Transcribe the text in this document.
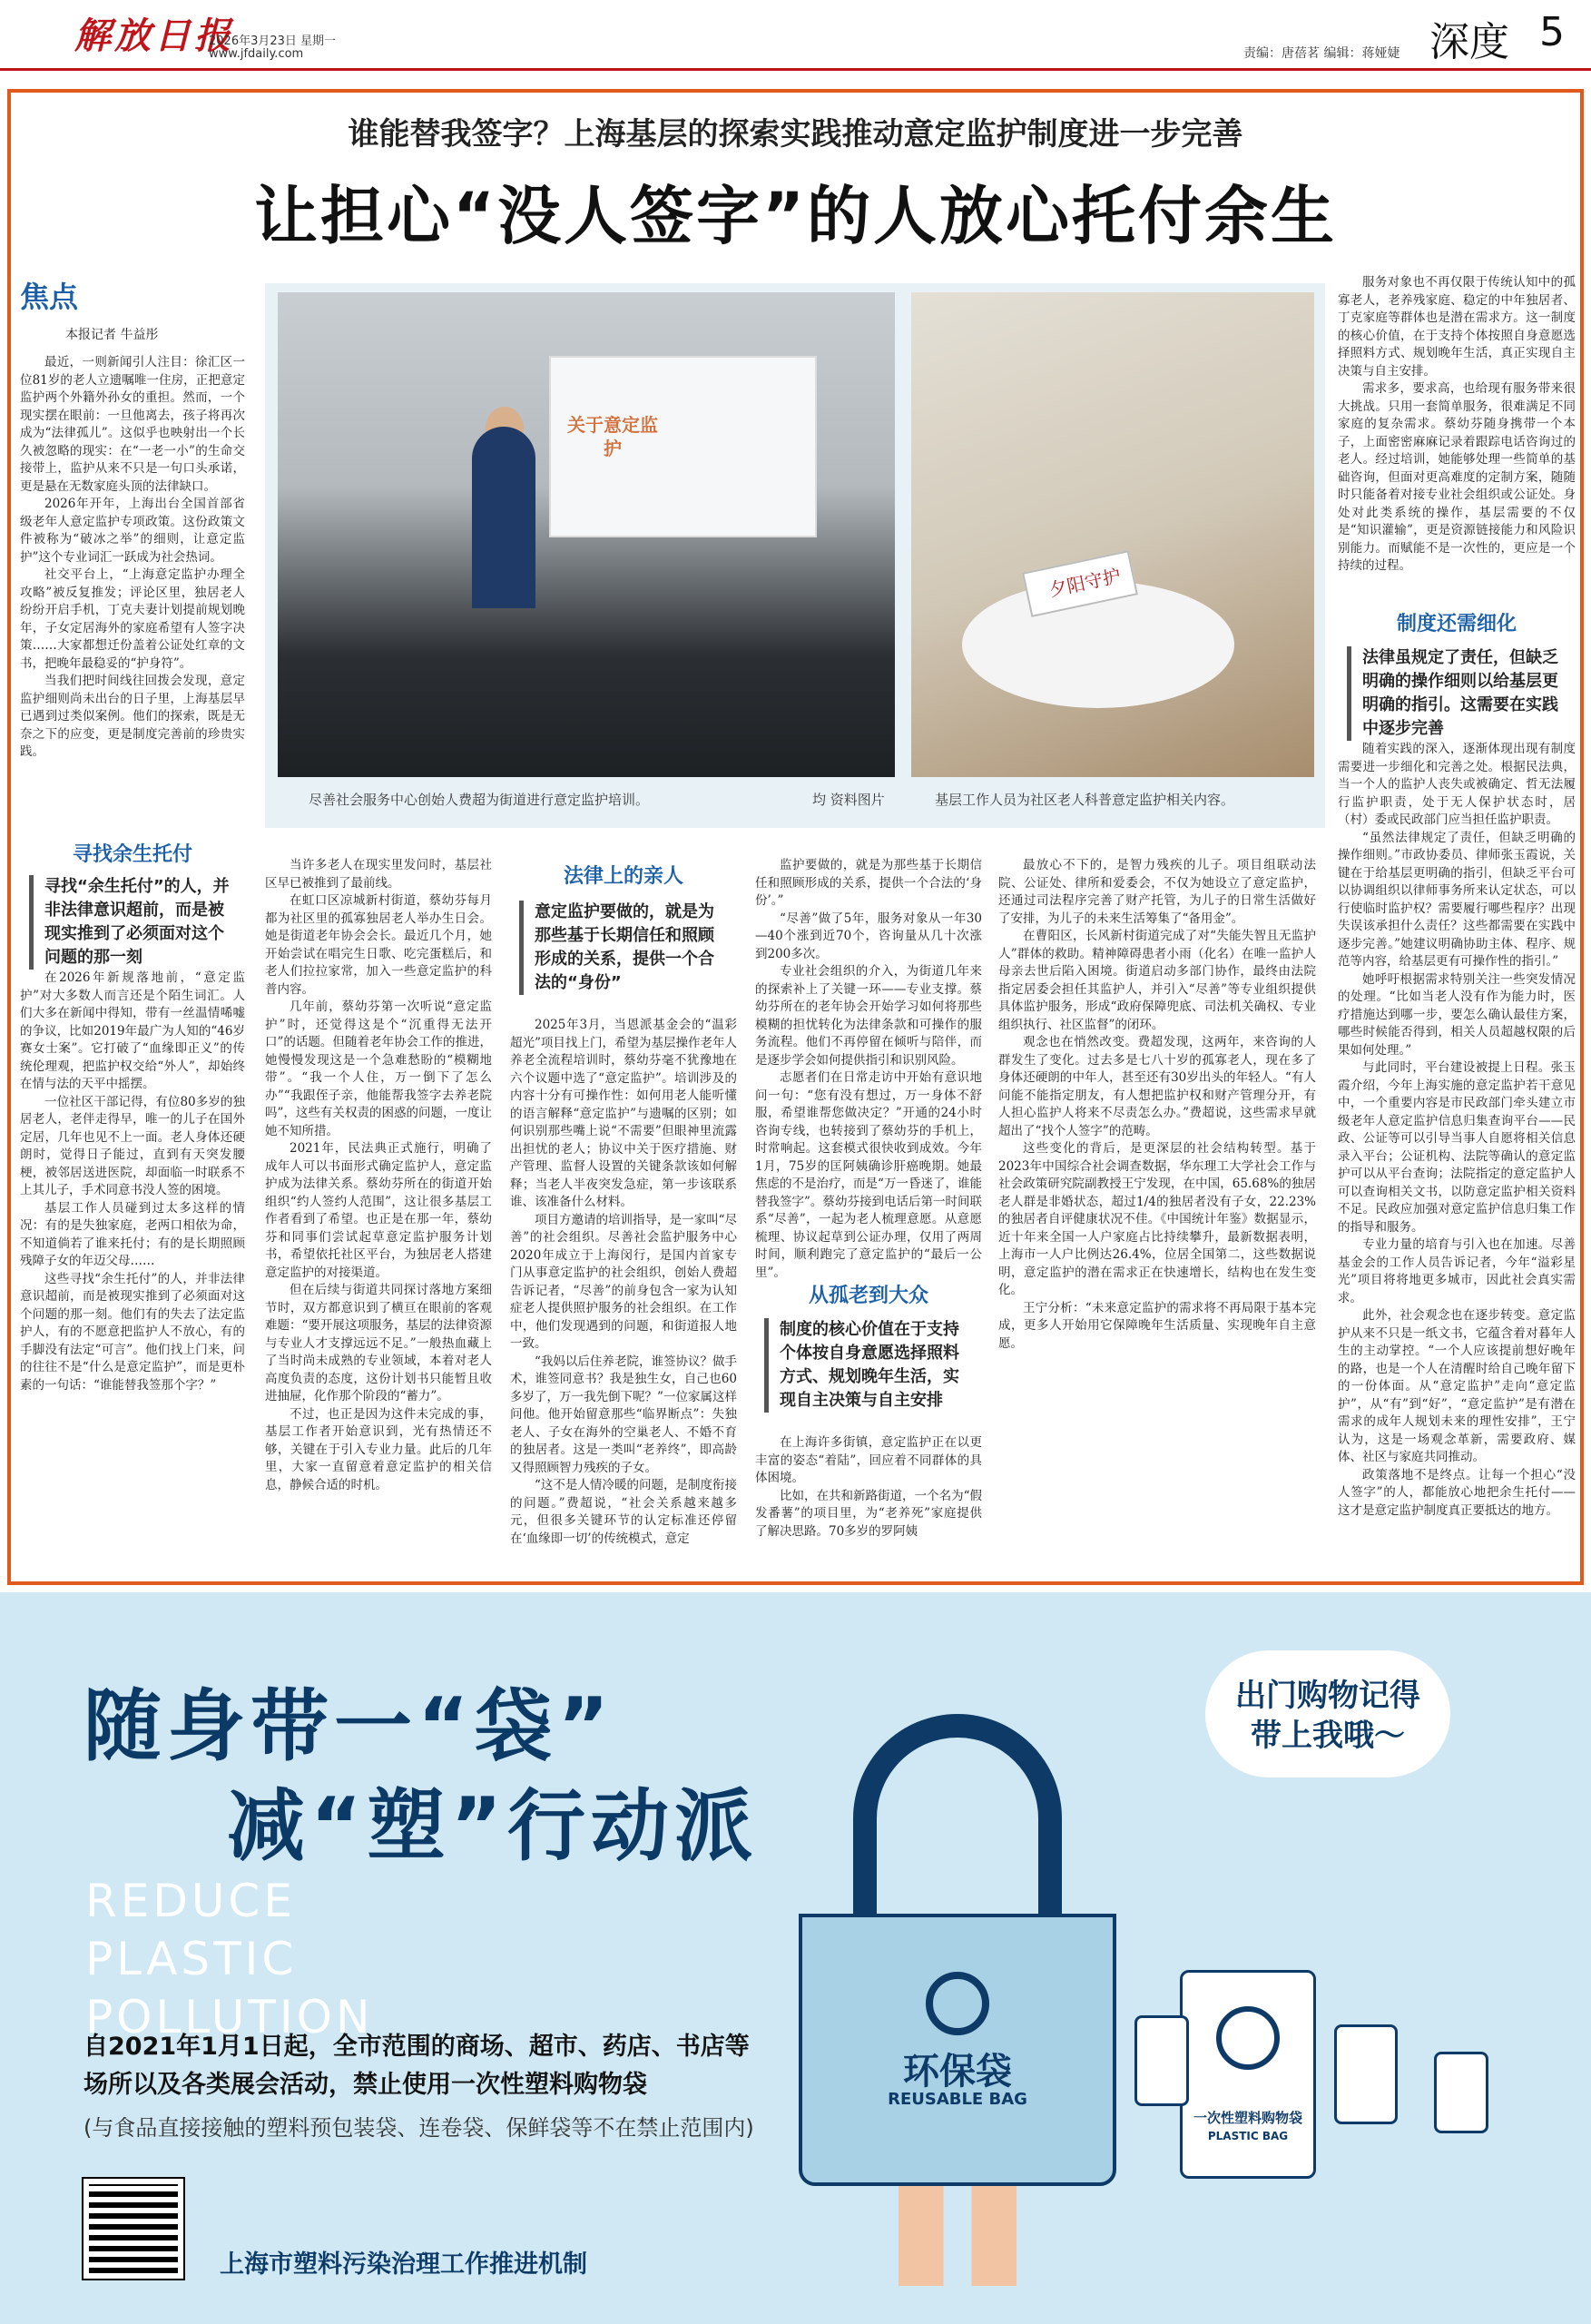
解放日报
2026年3月23日 星期一
www.jfdaily.com	责编：唐蓓茗 编辑：蒋娅婕 深度 5
谁能替我签字？上海基层的探索实践推动意定监护制度进一步完善
让担心“没人签字”的人放心托付余生
关于意定监护
夕阳守护
尽善社会服务中心创始人费超为街道进行意定监护培训。	均 资料图片	基层工作人员为社区老人科普意定监护相关内容。
焦点
本报记者 牛益彤

最近，一则新闻引人注目：徐汇区一位81岁的老人立遗嘱唯一住房，正把意定监护两个外籍外孙女的重担。然而，一个现实摆在眼前：一旦他离去，孩子将再次成为“法律孤儿”。这似乎也映射出一个长久被忽略的现实：在“一老一小”的生命交接带上，监护从来不只是一句口头承诺，更是悬在无数家庭头顶的法律缺口。

2026年开年，上海出台全国首部省级老年人意定监护专项政策。这份政策文件被称为“破冰之举”的细则，让意定监护”这个专业词汇一跃成为社会热词。

社交平台上，“上海意定监护办理全攻略”被反复推发；评论区里，独居老人纷纷开启手机，丁克夫妻计划提前规划晚年，子女定居海外的家庭希望有人签字决策……大家都想迁份盖着公证处红章的文书，把晚年最稳妥的“护身符”。

当我们把时间线往回拨会发现，意定监护细则尚未出台的日子里，上海基层早已遇到过类似案例。他们的探索，既是无奈之下的应变，更是制度完善前的珍贵实践。

寻找余生托付
寻找“余生托付”的人，并非法律意识超前，而是被现实推到了必须面对这个问题的那一刻

在2026年新规落地前，“意定监护”对大多数人而言还是个陌生词汇。人们大多在新闻中得知，带有一丝温情唏嘘的争议，比如2019年最广为人知的“46岁赛女士案”。它打破了“血缘即正义”的传统伦理观，把监护权交给“外人”，却始终在情与法的天平中摇摆。

一位社区干部记得，有位80多岁的独居老人，老伴走得早，唯一的儿子在国外定居，几年也见不上一面。老人身体还硬朗时，觉得日子能过，直到有天突发腰梗，被邻居送进医院，却面临一时联系不上其儿子，手术同意书没人签的困境。

基层工作人员碰到过太多这样的情况：有的是失独家庭，老两口相依为命，不知道倘若了谁来托付；有的是长期照顾残障子女的年迈父母……

这些寻找“余生托付”的人，并非法律意识超前，而是被现实推到了必须面对这个问题的那一刻。他们有的失去了法定监护人，有的不愿意把监护人不放心，有的手脚没有法定“可言”。他们找上门来，问的往往不是“什么是意定监护”，而是更朴素的一句话：“谁能替我签那个字？”

当许多老人在现实里发问时，基层社区早已被推到了最前线。

在虹口区凉城新村街道，蔡幼芬每月都为社区里的孤寡独居老人举办生日会。她是街道老年协会会长。最近几个月，她开始尝试在唱完生日歌、吃完蛋糕后，和老人们拉拉家常，加入一些意定监护的科普内容。

几年前，蔡幼芬第一次听说“意定监护”时，还觉得这是个“沉重得无法开口”的话题。但随着老年协会工作的推进，她慢慢发现这是一个急难愁盼的“模糊地带”。“我一个人住，万一倒下了怎么办”“我跟侄子亲，他能帮我签字去养老院吗”，这些有关权责的困惑的问题，一度让她不知所措。

2021年，民法典正式施行，明确了成年人可以书面形式确定监护人，意定监护成为法律关系。蔡幼芬所在的街道开始组织“约人签约人范围”，这让很多基层工作者看到了希望。也正是在那一年，蔡幼芬和同事们尝试起草意定监护服务计划书，希望依托社区平台，为独居老人搭建意定监护的对接渠道。

但在后续与街道共同探讨落地方案细节时，双方都意识到了横亘在眼前的客观难题：“要开展这项服务，基层的法律资源与专业人才支撑远远不足。”一般热血藏上了当时尚未成熟的专业领域，本着对老人高度负责的态度，这份计划书只能暂且收进抽屉，化作那个阶段的“蓄力”。

不过，也正是因为这件未完成的事，基层工作者开始意识到，光有热情还不够，关键在于引入专业力量。此后的几年里，大家一直留意着意定监护的相关信息，静候合适的时机。

法律上的亲人
意定监护要做的，就是为那些基于长期信任和照顾形成的关系，提供一个合法的“身份”

2025年3月，当恩派基金会的“温彩超光”项目找上门，希望为基层操作老年人养老全流程培训时，蔡幼芬毫不犹豫地在六个议题中选了“意定监护”。培训涉及的内容十分有可操作性：如何用老人能听懂的语言解释“意定监护”与遗嘱的区别；如何识别那些嘴上说“不需要”但眼神里流露出担忧的老人；协议中关于医疗措施、财产管理、监督人设置的关键条款该如何解释；当老人半夜突发急症，第一步该联系谁、该准备什么材料。

项目方邀请的培训指导，是一家叫“尽善”的社会组织。尽善社会监护服务中心2020年成立于上海闵行，是国内首家专门从事意定监护的社会组织，创始人费超告诉记者，“尽善”的前身包含一家为认知症老人提供照护服务的社会组织。在工作中，他们发现遇到的问题，和街道报人地一致。

“我妈以后住养老院，谁签协议？做手术，谁签同意书？我是独生女，自己也60多岁了，万一我先倒下呢？”一位家属这样问他。他开始留意那些“临界断点”：失独老人、子女在海外的空巢老人、不婚不育的独居者。这是一类叫“老养终”，即高龄又得照顾智力残疾的子女。

“这不是人情冷暖的问题，是制度衔接的问题。”费超说，“社会关系越来越多元，但很多关键环节的认定标准还停留在‘血缘即一切’的传统模式，意定

监护要做的，就是为那些基于长期信任和照顾形成的关系，提供一个合法的‘身份’。”

“尽善”做了5年，服务对象从一年30—40个涨到近70个，咨询量从几十次涨到200多次。

专业社会组织的介入，为街道几年来的探索补上了关键一环——专业支撑。蔡幼芬所在的老年协会开始学习如何将那些模糊的担忧转化为法律条款和可操作的服务流程。他们不再停留在倾听与陪伴，而是逐步学会如何提供指引和识别风险。

志愿者们在日常走访中开始有意识地问一句：“您有没有想过，万一身体不舒服，希望谁帮您做决定？”开通的24小时咨询专线，也转接到了蔡幼芬的手机上，时常响起。这套模式很快收到成效。今年1月，75岁的匡阿姨确诊肝癌晚期。她最焦虑的不是治疗，而是“万一昏迷了，谁能替我签字”。蔡幼芬接到电话后第一时间联系“尽善”，一起为老人梳理意愿。从意愿梳理、协议起草到公证办理，仅用了两周时间，顺利跑完了意定监护的“最后一公里”。

从孤老到大众
制度的核心价值在于支持个体按自身意愿选择照料方式、规划晚年生活，实现自主决策与自主安排

在上海许多街镇，意定监护正在以更丰富的姿态“着陆”，回应着不同群体的具体困境。

比如，在共和新路街道，一个名为“假发番薯”的项目里，为“老养死”家庭提供了解决思路。70多岁的罗阿姨

最放心不下的，是智力残疾的儿子。项目组联动法院、公证处、律所和爱委会，不仅为她设立了意定监护，还通过司法程序完善了财产托管，为儿子的日常生活做好了安排，为儿子的未来生活筹集了“备用金”。

在曹阳区，长风新村街道完成了对“失能失智且无监护人”群体的救助。精神障碍患者小雨（化名）在唯一监护人母亲去世后陷入困境。街道启动多部门协作，最终由法院指定居委会担任其监护人，并引入“尽善”等专业组织提供具体监护服务，形成“政府保障兜底、司法机关确权、专业组织执行、社区监督”的闭环。

观念也在悄然改变。费超发现，这两年，来咨询的人群发生了变化。过去多是七八十岁的孤寡老人，现在多了身体还硬朗的中年人，甚至还有30岁出头的年轻人。“有人问能不能指定朋友，有人想把监护权和财产管理分开，有人担心监护人将来不尽责怎么办。”费超说，这些需求早就超出了“找个人签字”的范畴。

这些变化的背后，是更深层的社会结构转型。基于2023年中国综合社会调查数据，华东理工大学社会工作与社会政策研究院副教授王宁发现，在中国，65.68%的独居老人群是非婚状态，超过1/4的独居者没有子女，22.23%的独居者自评健康状况不佳。《中国统计年鉴》数据显示，近十年来全国一人户家庭占比持续攀升，最新数据表明，上海市一人户比例达26.4%，位居全国第二，这些数据说明，意定监护的潜在需求正在快速增长，结构也在发生变化。

王宁分析：“未来意定监护的需求将不再局限于基本完成，更多人开始用它保障晚年生活质量、实现晚年自主意愿。

服务对象也不再仅限于传统认知中的孤寡老人，老养残家庭、稳定的中年独居者、丁克家庭等群体也是潜在需求方。这一制度的核心价值，在于支持个体按照自身意愿选择照料方式、规划晚年生活，真正实现自主决策与自主安排。

需求多，要求高，也给现有服务带来很大挑战。只用一套简单服务，很难满足不同家庭的复杂需求。蔡幼芬随身携带一个本子，上面密密麻麻记录着跟踪电话咨询过的老人。经过培训，她能够处理一些简单的基础咨询，但面对更高难度的定制方案，随随时只能备着对接专业社会组织或公证处。身处对此类系统的操作，基层需要的不仅是“知识灌输”，更是资源链接能力和风险识别能力。而赋能不是一次性的，更应是一个持续的过程。

制度还需细化
法律虽规定了责任，但缺乏明确的操作细则以给基层更明确的指引。这需要在实践中逐步完善

随着实践的深入，逐渐体现出现有制度需要进一步细化和完善之处。根据民法典，当一个人的监护人丧失或被确定、哲无法履行监护职责，处于无人保护状态时，居（村）委或民政部门应当担任监护职责。

“虽然法律规定了责任，但缺乏明确的操作细则。”市政协委员、律师张玉霞说，关键在于给基层更明确的指引，但缺乏平台可以协调组织以律师事务所来认定状态，可以行使临时监护权？需要履行哪些程序？出现失误该承担什么责任？这些都需要在实践中逐步完善。”她建议明确协助主体、程序、规范等内容，给基层更有可操作性的指引。”

她呼吁根据需求特别关注一些突发情况的处理。“比如当老人没有作为能力时，医疗措施达到哪一步，要怎么确认最佳方案，哪些时候能否得到，相关人员超越权限的后果如何处理。”

与此同时，平台建设被提上日程。张玉霞介绍，今年上海实施的意定监护若干意见中，一个重要内容是市民政部门牵头建立市级老年人意定监护信息归集查询平台——民政、公证等可以引导当事人自愿将相关信息录入平台；公证机构、法院等确认的意定监护可以从平台查询；法院指定的意定监护人可以查询相关文书，以防意定监护相关资料不足。民政应加强对意定监护信息归集工作的指导和服务。

专业力量的培育与引入也在加速。尽善基金会的工作人员告诉记者，今年“溢彩星光”项目将将地更多城市，因此社会真实需求。

此外，社会观念也在逐步转变。意定监护从来不只是一纸文书，它蕴含着对暮年人生的主动掌控。“一个人应该提前想好晚年的路，也是一个人在清醒时给自己晚年留下的一份体面。从“意定监护”走向“意定监护”，从“有”到“好”，“意定监护”是有潜在需求的成年人规划未来的理性安排”，王宁认为，这是一场观念革新，需要政府、媒体、社区与家庭共同推动。

政策落地不是终点。让每一个担心“没人签字”的人，都能放心地把余生托付——这才是意定监护制度真正要抵达的地方。

随身带一“袋”
减“塑”行动派
REDUCE PLASTIC POLLUTION
自2021年1月1日起，全市范围的商场、超市、药店、书店等场所以及各类展会活动，禁止使用一次性塑料购物袋
(与食品直接接触的塑料预包装袋、连卷袋、保鲜袋等不在禁止范围内)
上海市塑料污染治理工作推进机制
出门购物记得带上我哦～
环保袋
REUSABLE BAG
一次性塑料购物袋
PLASTIC BAG
